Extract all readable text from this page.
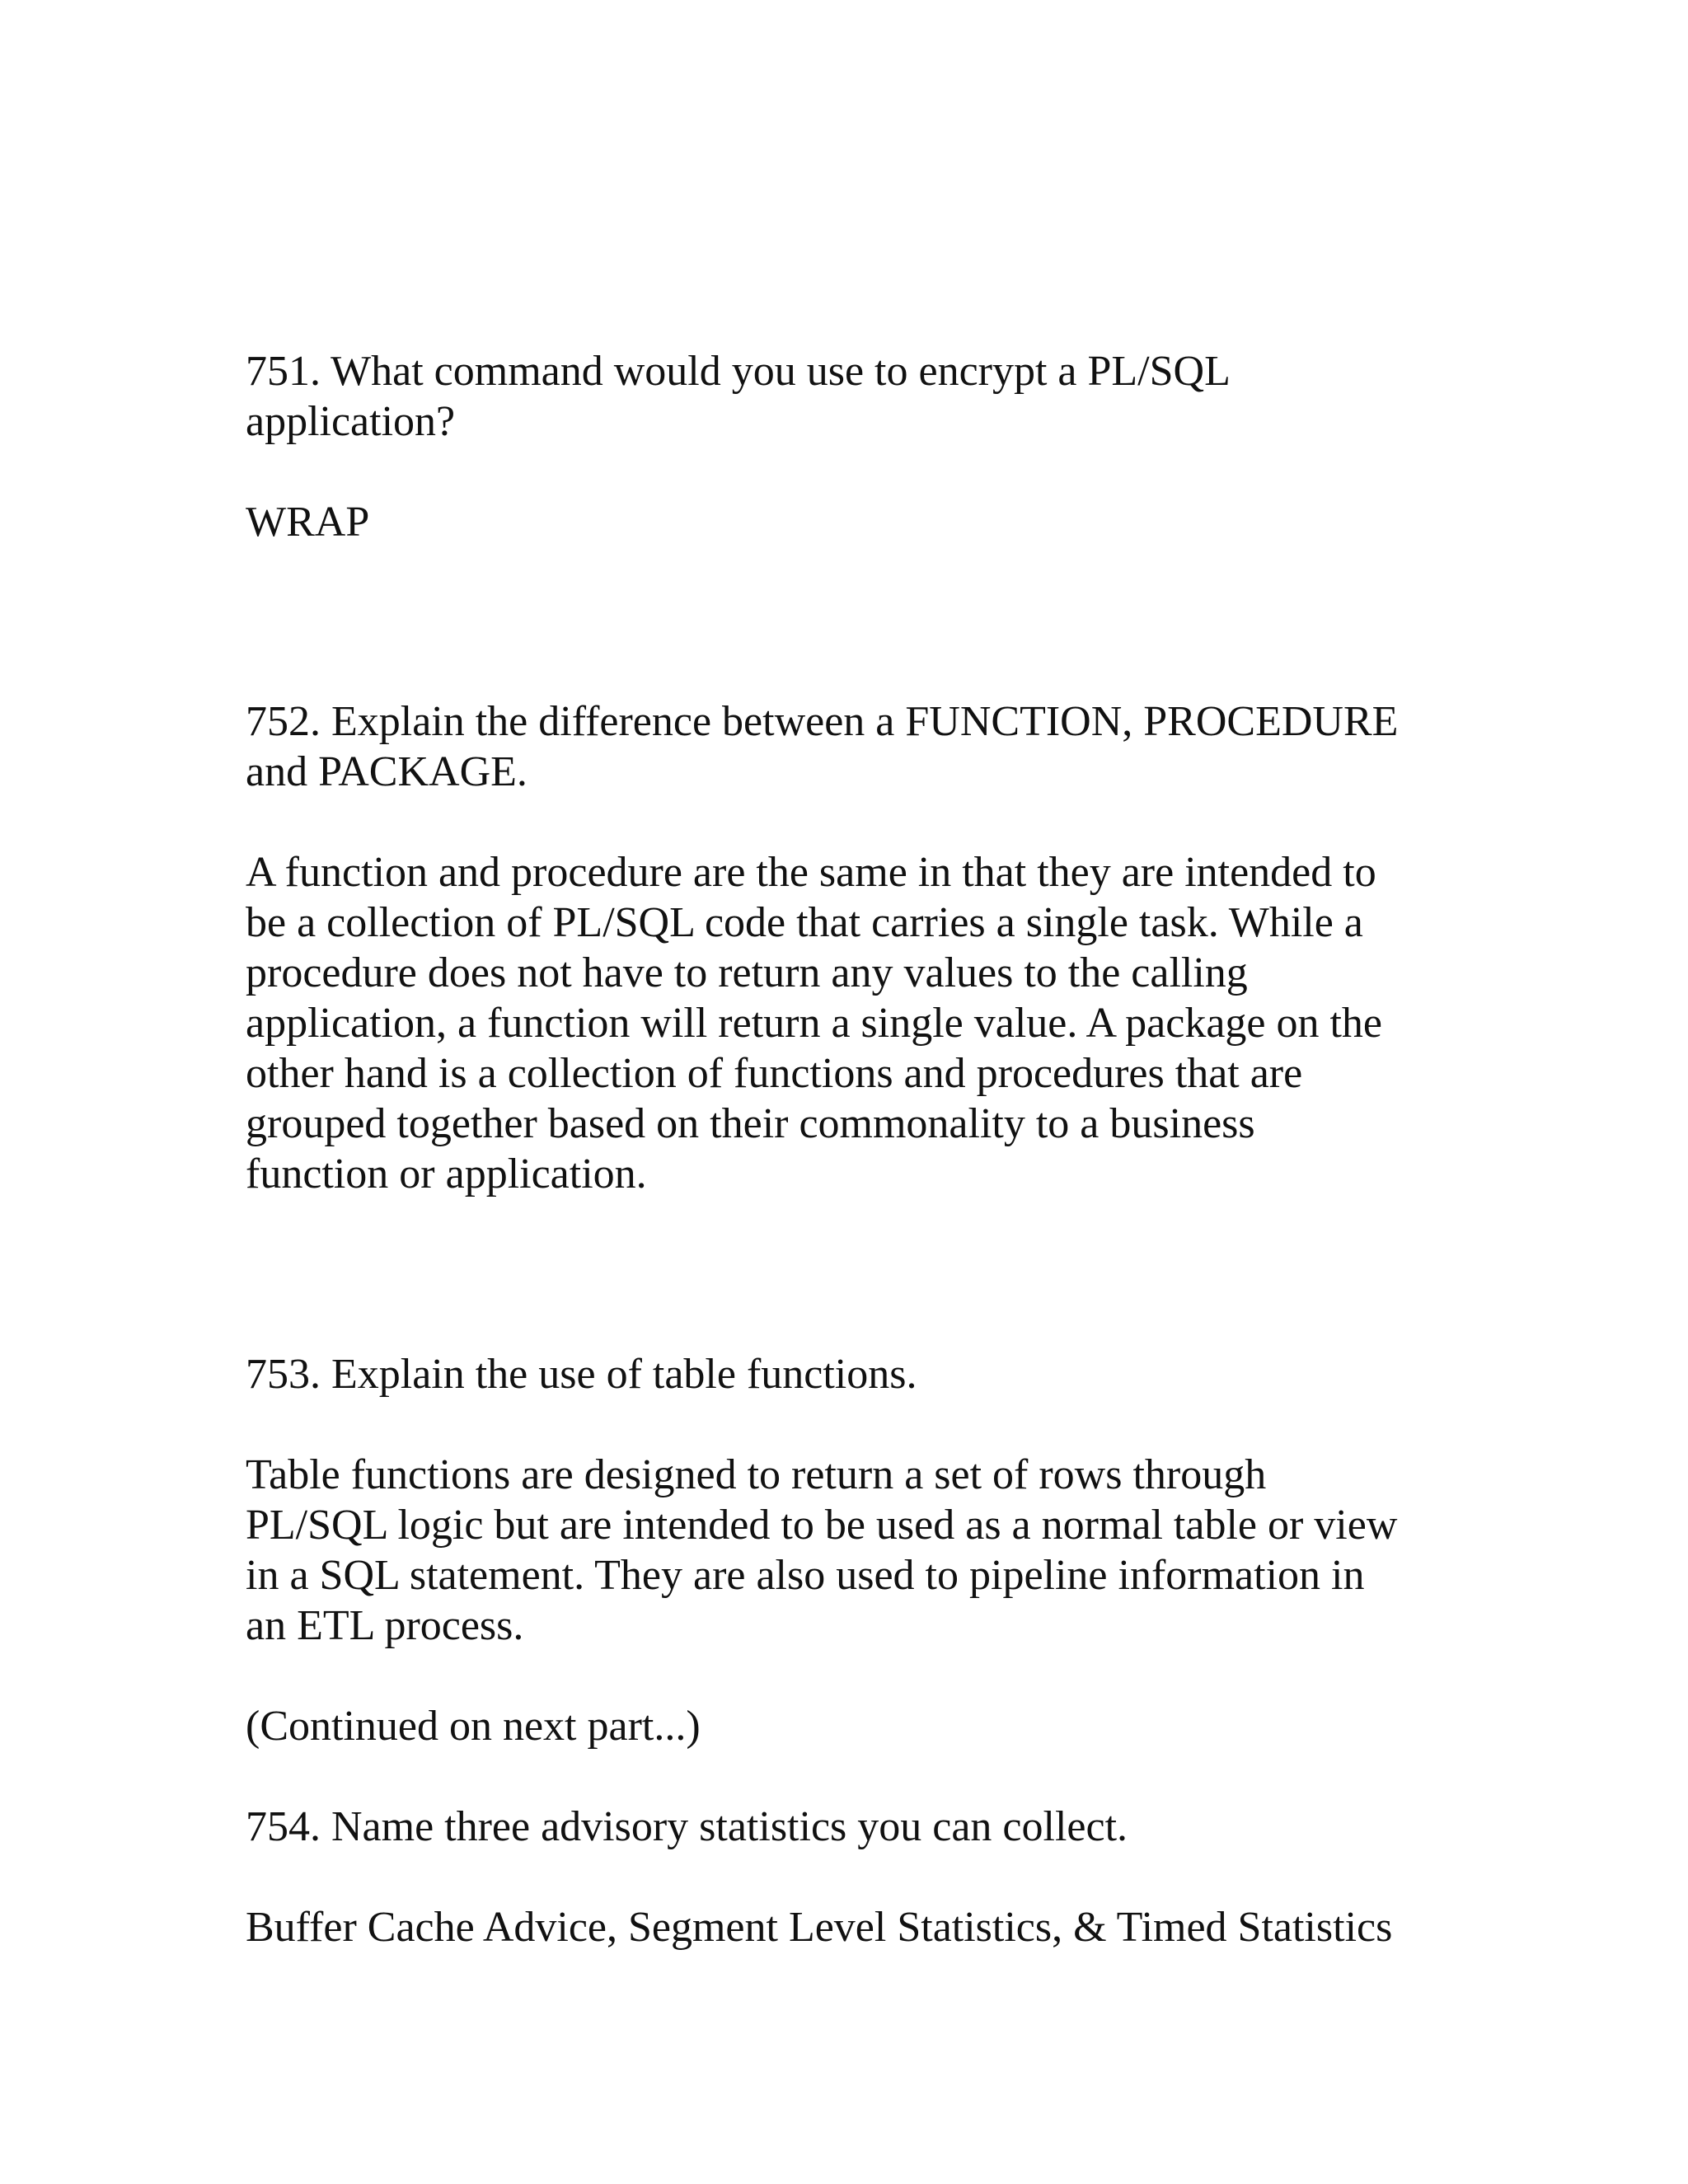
751. What command would you use to encrypt a PL/SQL
application?

WRAP

752. Explain the difference between a FUNCTION, PROCEDURE
and PACKAGE.

A function and procedure are the same in that they are intended to
be a collection of PL/SQL code that carries a single task. While a
procedure does not have to return any values to the calling
application, a function will return a single value. A package on the
other hand is a collection of functions and procedures that are
grouped together based on their commonality to a business
function or application.

753. Explain the use of table functions.

Table functions are designed to return a set of rows through
PL/SQL logic but are intended to be used as a normal table or view
in a SQL statement. They are also used to pipeline information in
an ETL process.

(Continued on next part...)

754. Name three advisory statistics you can collect.

Buffer Cache Advice, Segment Level Statistics, & Timed Statistics
